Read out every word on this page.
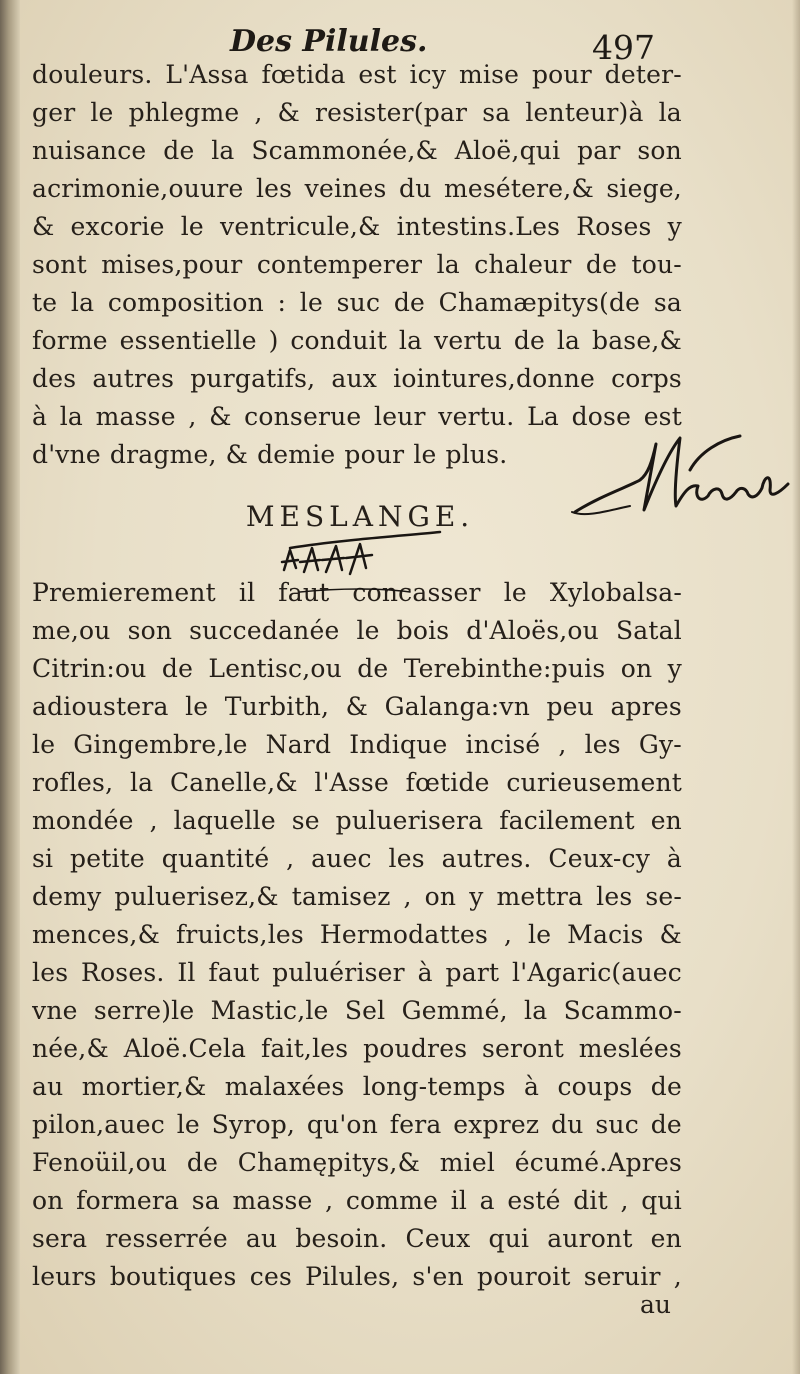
Des Pilules.	497
douleurs. L'Assa fœtida est icy mise pour deter-
ger le phlegme , & resister(par sa lenteur)à la
nuisance de la Scammonée,& Aloë,qui par son
acrimonie,ouure les veines du mesétere,& siege,
& excorie le ventricule,& intestins.Les Roses y
sont mises,pour contemperer la chaleur de tou-
te la composition : le suc de Chamæpitys(de sa
forme essentielle ) conduit la vertu de la base,&
des autres purgatifs, aux iointures,donne corps
à la masse , & conserue leur vertu. La dose est
d'vne dragme, & demie pour le plus.
MESLANGE.
Premierement il faut concasser le Xylobalsa-
me,ou son succedanée le bois d'Aloës,ou Satal
Citrin:ou de Lentisc,ou de Terebinthe:puis on y
adioustera le Turbith, & Galanga:vn peu apres
le Gingembre,le Nard Indique incisé , les Gy-
rofles, la Canelle,& l'Asse fœtide curieusement
mondée , laquelle se puluerisera facilement en
si petite quantité , auec les autres. Ceux-cy à
demy puluerisez,& tamisez , on y mettra les se-
mences,& fruicts,les Hermodattes , le Macis &
les Roses. Il faut puluériser à part l'Agaric(auec
vne serre)le Mastic,le Sel Gemmé, la Scammo-
née,& Aloë.Cela fait,les poudres seront meslées
au mortier,& malaxées long-temps à coups de
pilon,auec le Syrop, qu'on fera exprez du suc de
Fenoüil,ou de Chamępitys,& miel écumé.Apres
on formera sa masse , comme il a esté dit , qui
sera resserrée au besoin. Ceux qui auront en
leurs boutiques ces Pilules, s'en pouroit seruir ,
au
